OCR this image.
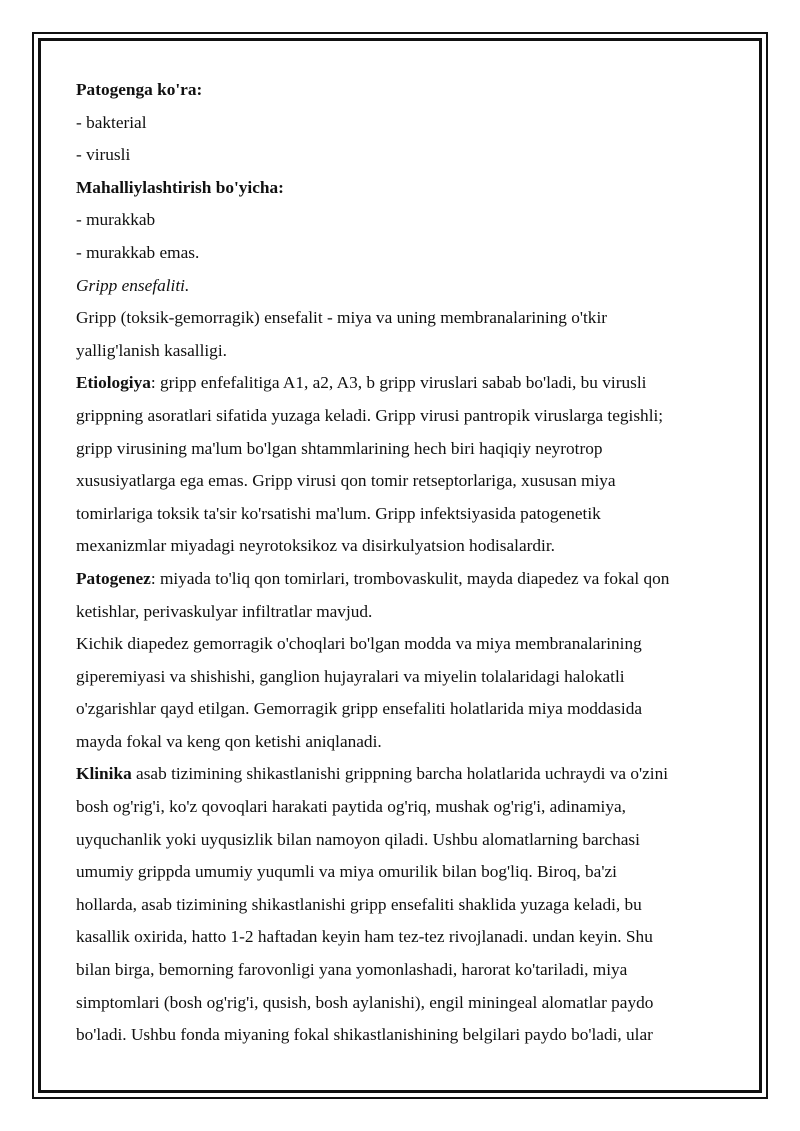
Patogenga ko'ra:
- bakterial
- virusli
Mahalliylashtirish bo'yicha:
- murakkab
- murakkab emas.
Gripp ensefaliti.
Gripp (toksik-gemorragik) ensefalit - miya va uning membranalarining o'tkir
yallig'lanish kasalligi.
Etiologiya: gripp enfefalitiga A1, a2, A3, b gripp viruslari sabab bo'ladi, bu virusli
grippning asoratlari sifatida yuzaga keladi. Gripp virusi pantropik viruslarga tegishli;
gripp virusining ma'lum bo'lgan shtammlarining hech biri haqiqiy neyrotrop
xususiyatlarga ega emas. Gripp virusi qon tomir retseptorlariga, xususan miya
tomirlariga toksik ta'sir ko'rsatishi ma'lum. Gripp infektsiyasida patogenetik
mexanizmlar miyadagi neyrotoksikoz va disirkulyatsion hodisalardir.
Patogenez: miyada to'liq qon tomirlari, trombovaskulit, mayda diapedez va fokal qon
ketishlar, perivaskulyar infiltratlar mavjud.
Kichik diapedez gemorragik o'choqlari bo'lgan modda va miya membranalarining
giperemiyasi va shishishi, ganglion hujayralari va miyelin tolalaridagi halokatli
o'zgarishlar qayd etilgan. Gemorragik gripp ensefaliti holatlarida miya moddasida
mayda fokal va keng qon ketishi aniqlanadi.
Klinika asab tizimining shikastlanishi grippning barcha holatlarida uchraydi va o'zini
bosh og'rig'i, ko'z qovoqlari harakati paytida og'riq, mushak og'rig'i, adinamiya,
uyquchanlik yoki uyqusizlik bilan namoyon qiladi. Ushbu alomatlarning barchasi
umumiy grippda umumiy yuqumli va miya omurilik bilan bog'liq. Biroq, ba'zi
hollarda, asab tizimining shikastlanishi gripp ensefaliti shaklida yuzaga keladi, bu
kasallik oxirida, hatto 1-2 haftadan keyin ham tez-tez rivojlanadi. undan keyin. Shu
bilan birga, bemorning farovonligi yana yomonlashadi, harorat ko'tariladi, miya
simptomlari (bosh og'rig'i, qusish, bosh aylanishi), engil miningeal alomatlar paydo
bo'ladi. Ushbu fonda miyaning fokal shikastlanishining belgilari paydo bo'ladi, ular
